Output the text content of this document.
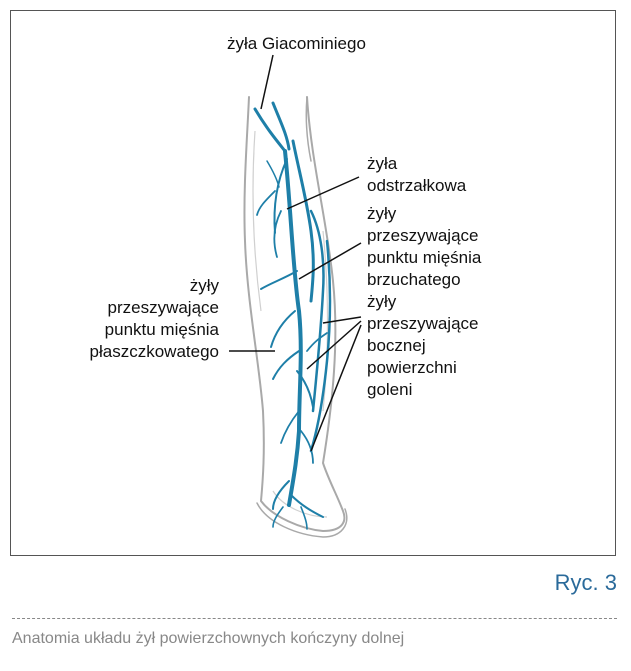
żyła Giacominiego
żyła
odstrzałkowa
żyły
przeszywające
punktu mięśnia
brzuchatego
żyły
przeszywające
bocznej
powierzchni
goleni
żyły
przeszywające
punktu mięśnia
płaszczkowatego
Ryc. 3
Anatomia układu żył powierzchownych kończyny dolnej
